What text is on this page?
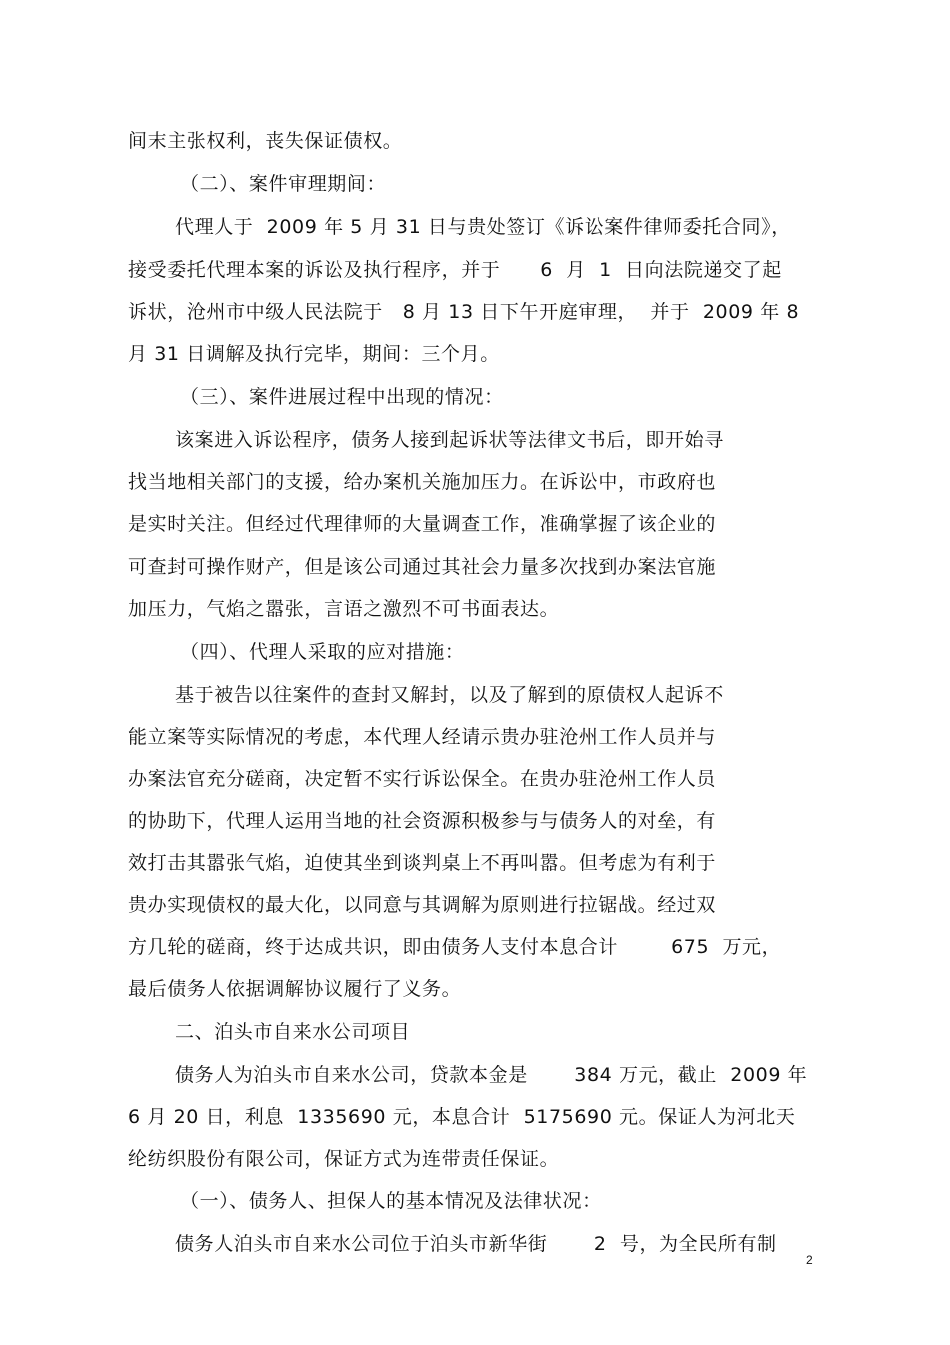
间末主张权利，丧失保证债权。
（二）、案件审理期间：
代理人于  2009 年 5 月 31 日与贵处签订《诉讼案件律师委托合同》，
接受委托代理本案的诉讼及执行程序，并于      6  月  1  日向法院递交了起
诉状，沧州市中级人民法院于   8 月 13 日下午开庭审理，  并于  2009 年 8
月 31 日调解及执行完毕，期间：三个月。
（三）、案件进展过程中出现的情况：
该案进入诉讼程序，债务人接到起诉状等法律文书后，即开始寻
找当地相关部门的支援，给办案机关施加压力。在诉讼中，市政府也
是实时关注。但经过代理律师的大量调查工作，准确掌握了该企业的
可查封可操作财产，但是该公司通过其社会力量多次找到办案法官施
加压力，气焰之嚣张，言语之激烈不可书面表达。
（四）、代理人采取的应对措施：
基于被告以往案件的查封又解封，以及了解到的原债权人起诉不
能立案等实际情况的考虑，本代理人经请示贵办驻沧州工作人员并与
办案法官充分磋商，决定暂不实行诉讼保全。在贵办驻沧州工作人员
的协助下，代理人运用当地的社会资源积极参与与债务人的对垒，有
效打击其嚣张气焰，迫使其坐到谈判桌上不再叫嚣。但考虑为有利于
贵办实现债权的最大化，以同意与其调解为原则进行拉锯战。经过双
方几轮的磋商，终于达成共识，即由债务人支付本息合计        675  万元，
最后债务人依据调解协议履行了义务。
二、泊头市自来水公司项目
债务人为泊头市自来水公司，贷款本金是       384 万元，截止  2009 年
6 月 20 日，利息  1335690 元，本息合计  5175690 元。保证人为河北天
纶纺织股份有限公司，保证方式为连带责任保证。
（一）、债务人、担保人的基本情况及法律状况：
债务人泊头市自来水公司位于泊头市新华街       2  号，为全民所有制
2
